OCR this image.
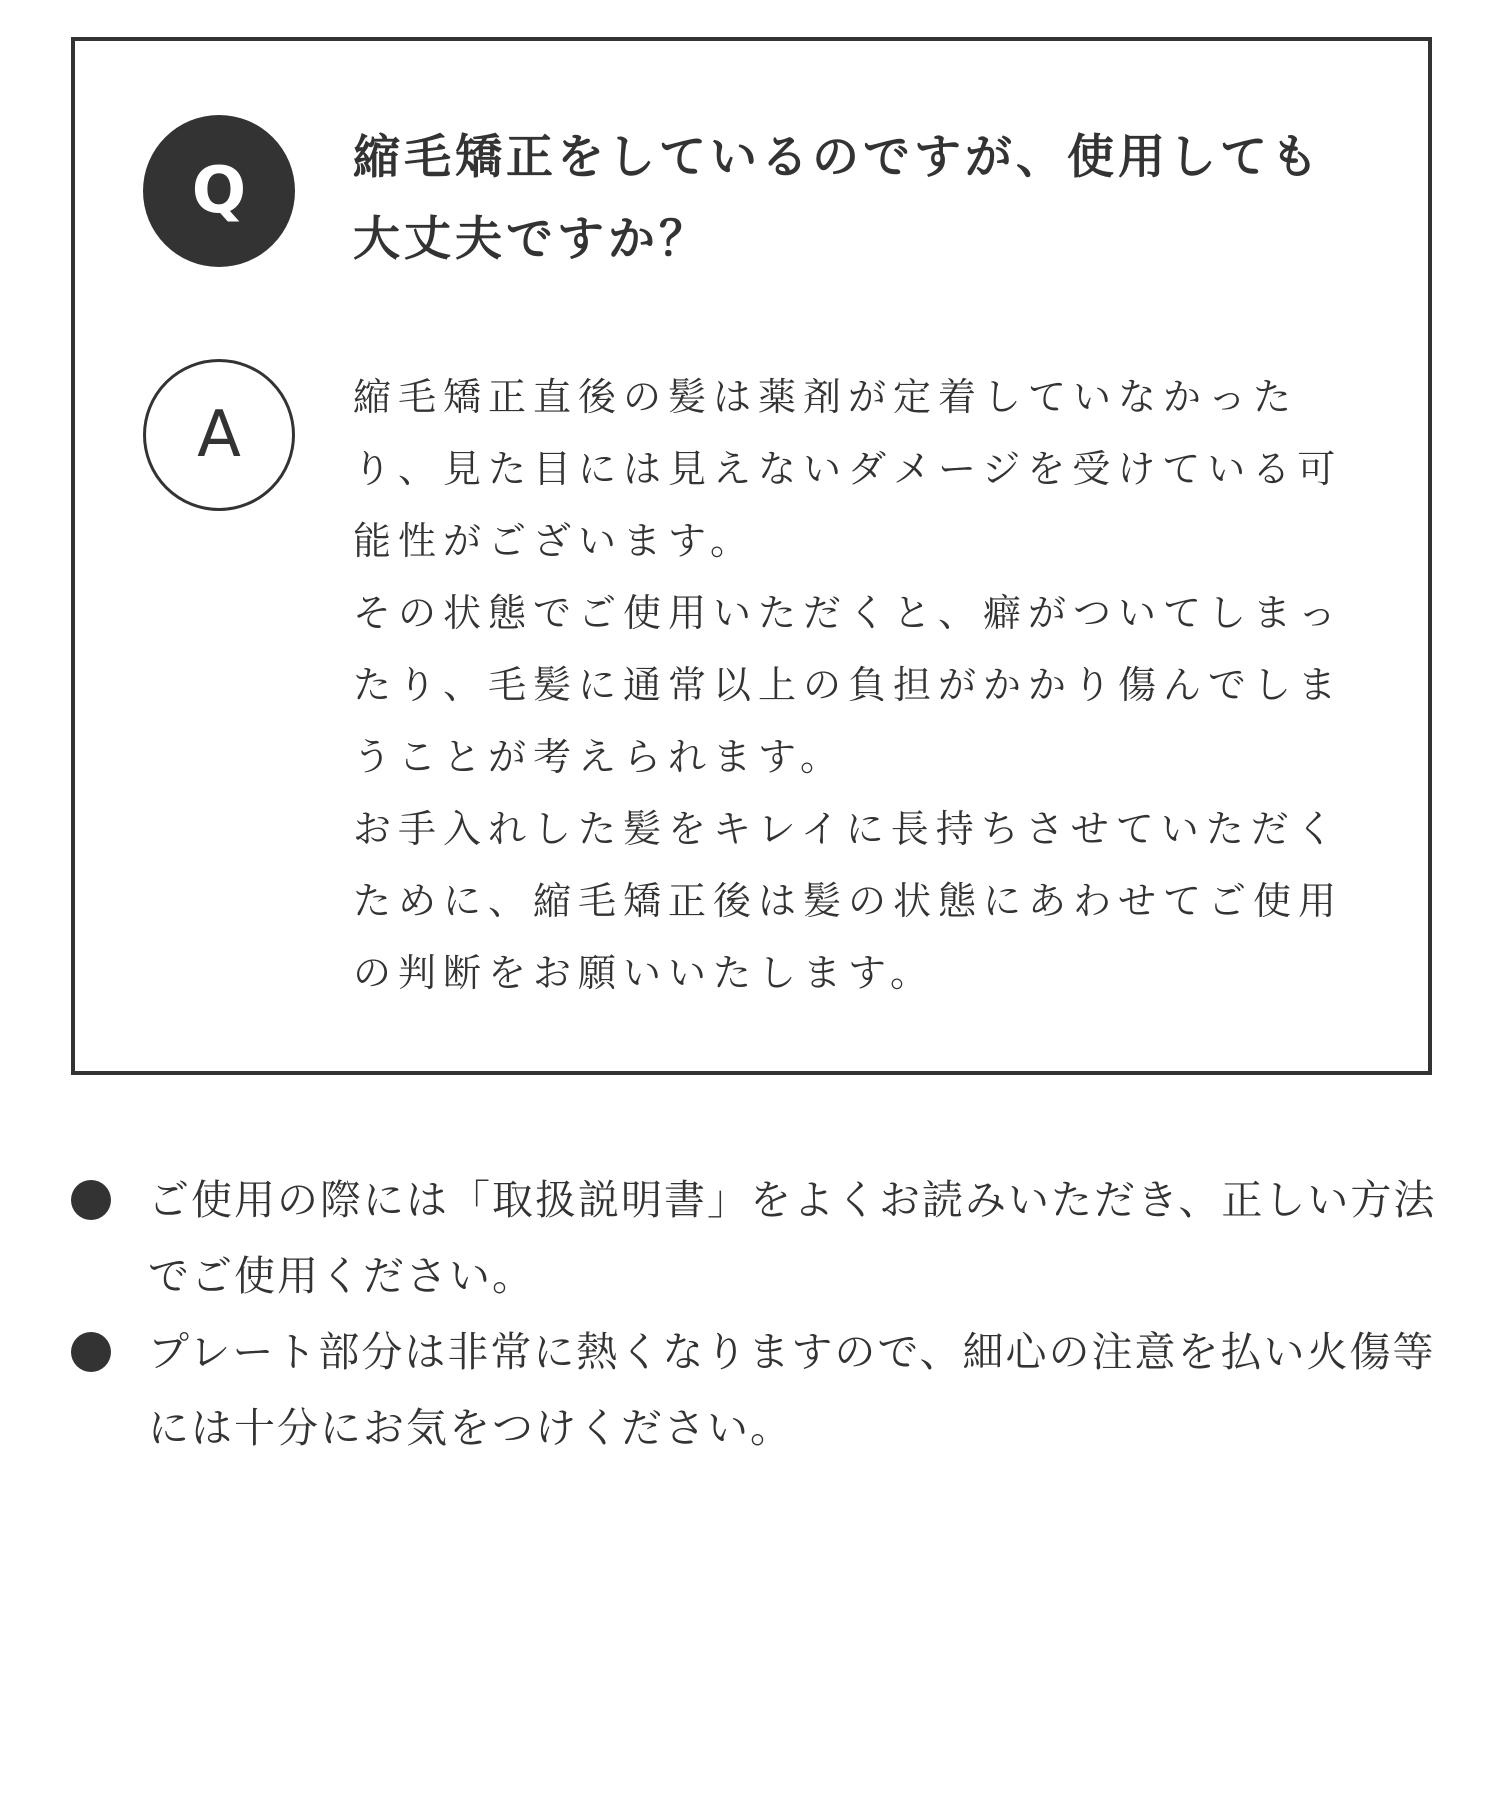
Q 縮毛矯正をしているのですが、使用しても大丈夫ですか？
A

縮毛矯正直後の髪は薬剤が定着していなかったり、見た目には見えないダメージを受けている可能性がございます。

その状態でご使用いただくと、癖がついてしまったり、毛髪に通常以上の負担がかかり傷んでしまうことが考えられます。

お手入れした髪をキレイに長持ちさせていただくために、縮毛矯正後は髪の状態にあわせてご使用の判断をお願いいたします。

ご使用の際には「取扱説明書」をよくお読みいただき、正しい方法でご使用ください。
プレート部分は非常に熱くなりますので、細心の注意を払い火傷等には十分にお気をつけください。
